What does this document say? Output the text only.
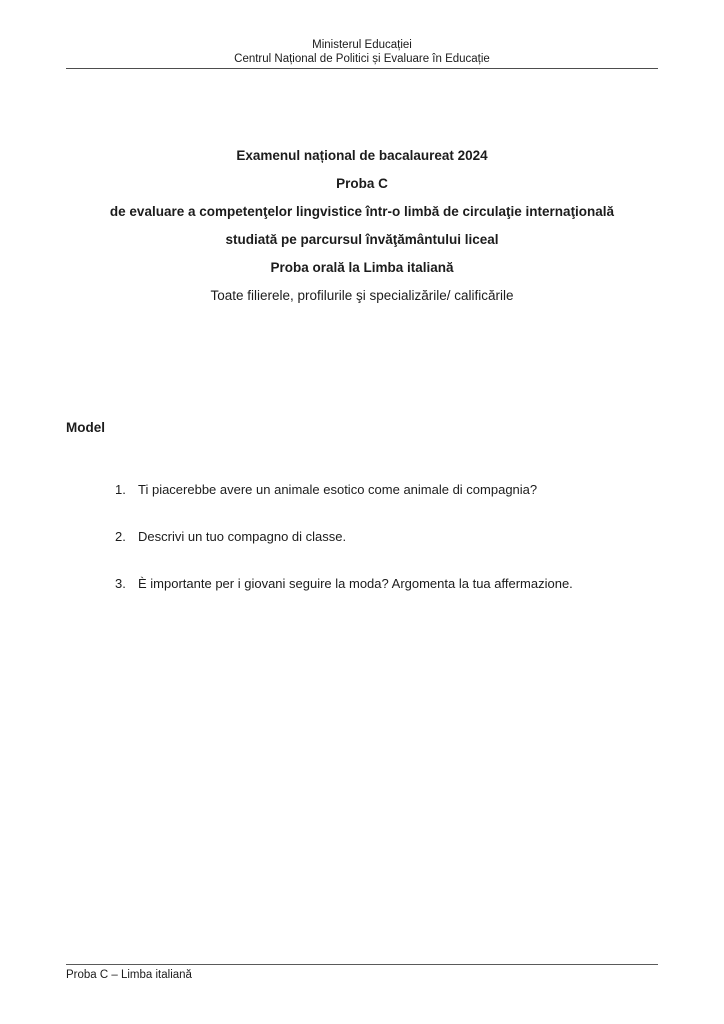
Ministerul Educației
Centrul Național de Politici și Evaluare în Educație
Examenul național de bacalaureat 2024
Proba C
de evaluare a competenţelor lingvistice într-o limbă de circulaţie internaţională
studiată pe parcursul învăţământului liceal
Proba orală la Limba italiană
Toate filierele, profilurile şi specializările/ calificările
Model
1. Ti piacerebbe avere un animale esotico come animale di compagnia?
2. Descrivi un tuo compagno di classe.
3. È importante per i giovani seguire la moda? Argomenta la tua affermazione.
Proba C – Limba italiană
